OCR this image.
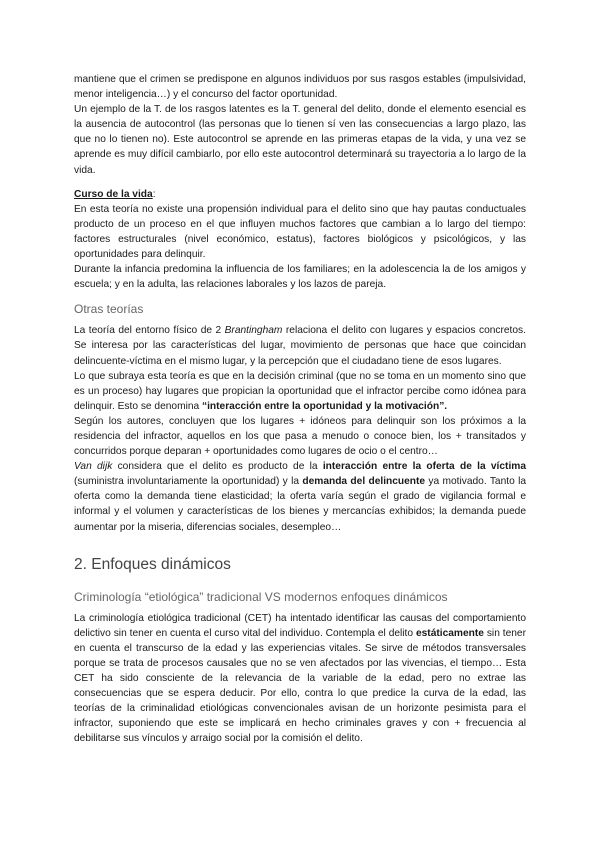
mantiene que el crimen se predispone en algunos individuos por sus rasgos estables (impulsividad, menor inteligencia…) y el concurso del factor oportunidad.

Un ejemplo de la T. de los rasgos latentes es la T. general del delito, donde el elemento esencial es la ausencia de autocontrol (las personas que lo tienen sí ven las consecuencias a largo plazo, las que no lo tienen no). Este autocontrol se aprende en las primeras etapas de la vida, y una vez se aprende es muy difícil cambiarlo, por ello este autocontrol determinará su trayectoria a lo largo de la vida.

Curso de la vida:

En esta teoría no existe una propensión individual para el delito sino que hay pautas conductuales producto de un proceso en el que influyen muchos factores que cambian a lo largo del tiempo: factores estructurales (nivel económico, estatus), factores biológicos y psicológicos, y las oportunidades para delinquir.

Durante la infancia predomina la influencia de los familiares; en la adolescencia la de los amigos y escuela; y en la adulta, las relaciones laborales y los lazos de pareja.

Otras teorías

La teoría del entorno físico de 2 Brantingham relaciona el delito con lugares y espacios concretos. Se interesa por las características del lugar, movimiento de personas que hace que coincidan delincuente-víctima en el mismo lugar, y la percepción que el ciudadano tiene de esos lugares.

Lo que subraya esta teoría es que en la decisión criminal (que no se toma en un momento sino que es un proceso) hay lugares que propician la oportunidad que el infractor percibe como idónea para delinquir. Esto se denomina “interacción entre la oportunidad y la motivación”.

Según los autores, concluyen que los lugares + idóneos para delinquir son los próximos a la residencia del infractor, aquellos en los que pasa a menudo o conoce bien, los + transitados y concurridos porque deparan + oportunidades como lugares de ocio o el centro…

Van dijk considera que el delito es producto de la interacción entre la oferta de la víctima (suministra involuntariamente la oportunidad) y la demanda del delincuente ya motivado. Tanto la oferta como la demanda tiene elasticidad; la oferta varía según el grado de vigilancia formal e informal y el volumen y características de los bienes y mercancías exhibidos; la demanda puede aumentar por la miseria, diferencias sociales, desempleo…

2. Enfoques dinámicos
Criminología “etiológica” tradicional VS modernos enfoques dinámicos

La criminología etiológica tradicional (CET) ha intentado identificar las causas del comportamiento delictivo sin tener en cuenta el curso vital del individuo. Contempla el delito estáticamente sin tener en cuenta el transcurso de la edad y las experiencias vitales. Se sirve de métodos transversales porque se trata de procesos causales que no se ven afectados por las vivencias, el tiempo… Esta CET ha sido consciente de la relevancia de la variable de la edad, pero no extrae las consecuencias que se espera deducir. Por ello, contra lo que predice la curva de la edad, las teorías de la criminalidad etiológicas convencionales avisan de un horizonte pesimista para el infractor, suponiendo que este se implicará en hecho criminales graves y con + frecuencia al debilitarse sus vínculos y arraigo social por la comisión el delito.
